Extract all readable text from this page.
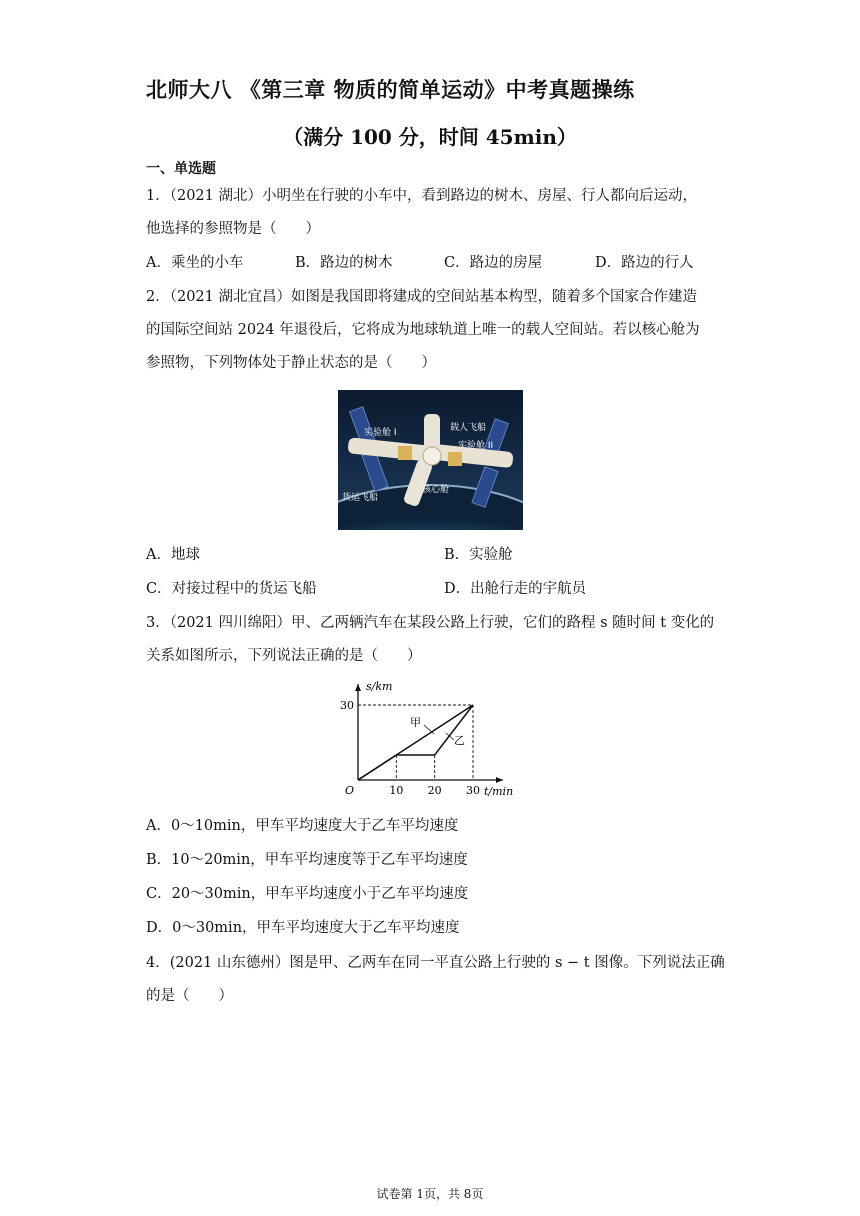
北师大八 《第三章 物质的简单运动》中考真题操练
（满分 100 分，时间 45min）
一、单选题
1．（2021 湖北）小明坐在行驶的小车中，看到路边的树木、房屋、行人都向后运动，
他选择的参照物是（　　）
A．乘坐的小车	B．路边的树木	C．路边的房屋	D．路边的行人
2．（2021 湖北宜昌）如图是我国即将建成的空间站基本构型，随着多个国家合作建造
的国际空间站 2024 年退役后，它将成为地球轨道上唯一的载人空间站。若以核心舱为
参照物，下列物体处于静止状态的是（　　）
实验舱 I	载人飞船
实验舱 II
货运飞船
核心舱
A．地球	B．实验舱
C．对接过程中的货运飞船	D．出舱行走的宇航员
3．（2021 四川绵阳）甲、乙两辆汽车在某段公路上行驶，它们的路程 s 随时间 t 变化的
关系如图所示，下列说法正确的是（　　）
甲
乙
10 20 30
30
O	t/min
s/km
A．0～10min，甲车平均速度大于乙车平均速度
B．10～20min，甲车平均速度等于乙车平均速度
C．20～30min，甲车平均速度小于乙车平均速度
D．0～30min，甲车平均速度大于乙车平均速度
4．(2021 山东德州）图是甲、乙两车在同一平直公路上行驶的 s − t 图像。下列说法正确
的是（　　）
试卷第 1页，共 8页
